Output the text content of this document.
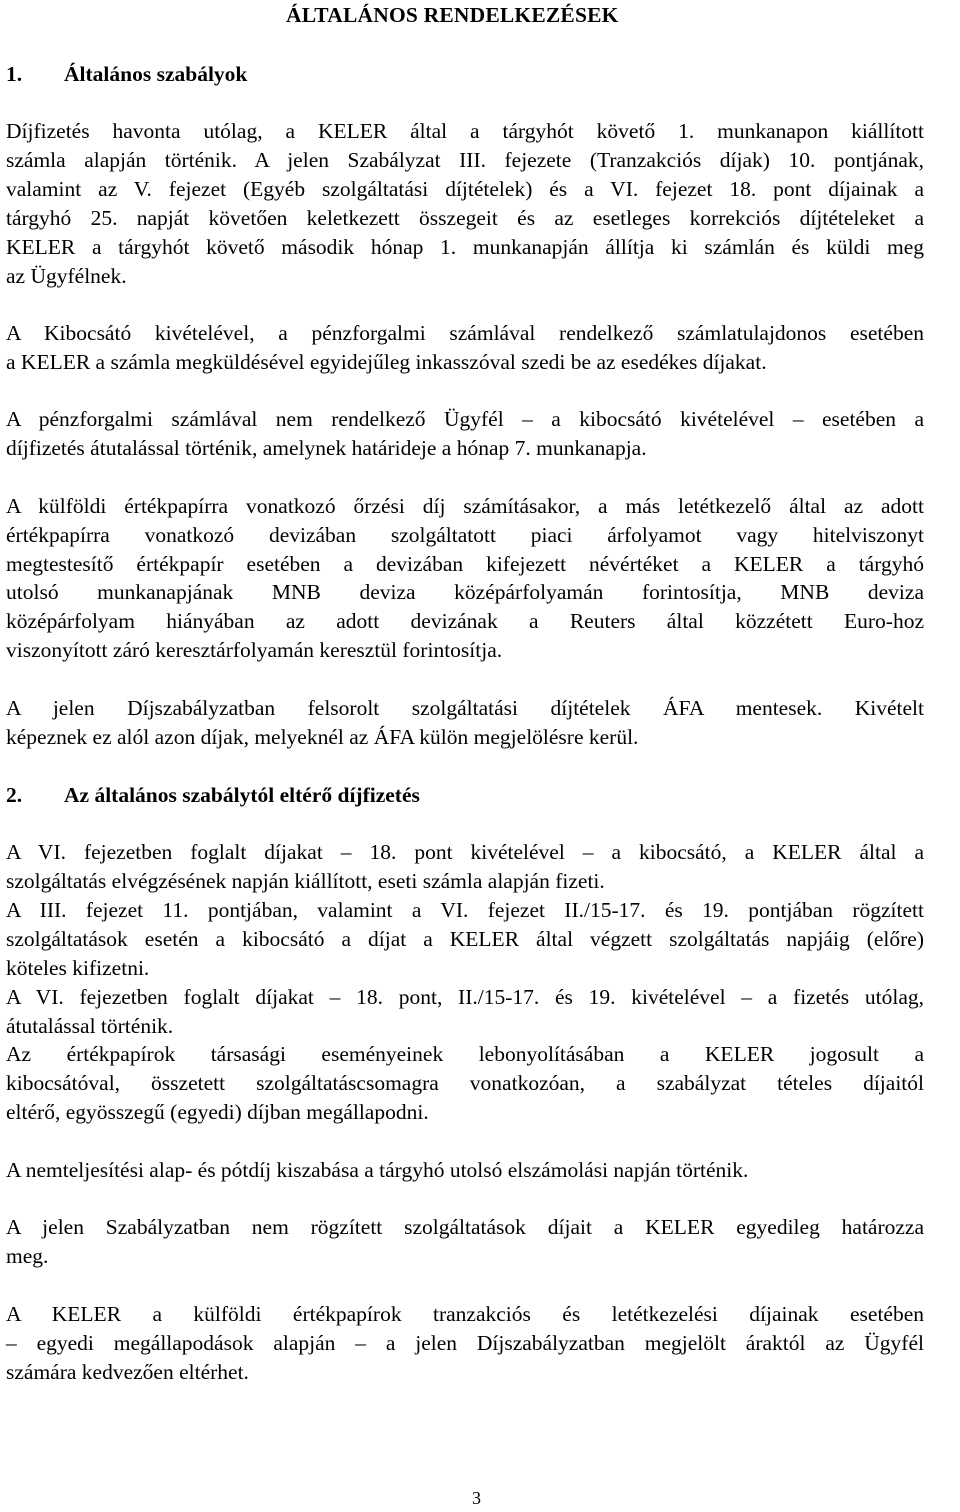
ÁLTALÁNOS RENDELKEZÉSEK
1. Általános szabályok
Díjfizetés havonta utólag, a KELER által a tárgyhót követő 1. munkanapon kiállított
számla alapján történik. A jelen Szabályzat III. fejezete (Tranzakciós díjak) 10. pontjának,
valamint az V. fejezet (Egyéb szolgáltatási díjtételek) és a VI. fejezet 18. pont díjainak a
tárgyhó 25. napját követően keletkezett összegeit és az esetleges korrekciós díjtételeket a
KELER a tárgyhót követő második hónap 1. munkanapján állítja ki számlán és küldi meg
az Ügyfélnek.
A Kibocsátó kivételével, a pénzforgalmi számlával rendelkező számlatulajdonos esetében
a KELER a számla megküldésével egyidejűleg inkasszóval szedi be az esedékes díjakat.
A pénzforgalmi számlával nem rendelkező Ügyfél – a kibocsátó kivételével – esetében a
díjfizetés átutalással történik, amelynek határideje a hónap 7. munkanapja.
A külföldi értékpapírra vonatkozó őrzési díj számításakor, a más letétkezelő által az adott
értékpapírra vonatkozó devizában szolgáltatott piaci árfolyamot vagy hitelviszonyt
megtestesítő értékpapír esetében a devizában kifejezett névértéket a KELER a tárgyhó
utolsó munkanapjának MNB deviza középárfolyamán forintosítja, MNB deviza
középárfolyam hiányában az adott devizának a Reuters által közzétett Euro-hoz
viszonyított záró keresztárfolyamán keresztül forintosítja.
A jelen Díjszabályzatban felsorolt szolgáltatási díjtételek ÁFA mentesek. Kivételt
képeznek ez alól azon díjak, melyeknél az ÁFA külön megjelölésre kerül.
2. Az általános szabálytól eltérő díjfizetés
A VI. fejezetben foglalt díjakat – 18. pont kivételével – a kibocsátó, a KELER által a
szolgáltatás elvégzésének napján kiállított, eseti számla alapján fizeti.
A III. fejezet 11. pontjában, valamint a VI. fejezet II./15-17. és 19. pontjában rögzített
szolgáltatások esetén a kibocsátó a díjat a KELER által végzett szolgáltatás napjáig (előre)
köteles kifizetni.
A VI. fejezetben foglalt díjakat – 18. pont, II./15-17. és 19. kivételével – a fizetés utólag,
átutalással történik.
Az értékpapírok társasági eseményeinek lebonyolításában a KELER jogosult a
kibocsátóval, összetett szolgáltatáscsomagra vonatkozóan, a szabályzat tételes díjaitól
eltérő, egyösszegű (egyedi) díjban megállapodni.
A nemteljesítési alap- és pótdíj kiszabása a tárgyhó utolsó elszámolási napján történik.
A jelen Szabályzatban nem rögzített szolgáltatások díjait a KELER egyedileg határozza
meg.
A KELER a külföldi értékpapírok tranzakciós és letétkezelési díjainak esetében
– egyedi megállapodások alapján – a jelen Díjszabályzatban megjelölt áraktól az Ügyfél
számára kedvezően eltérhet.
3
